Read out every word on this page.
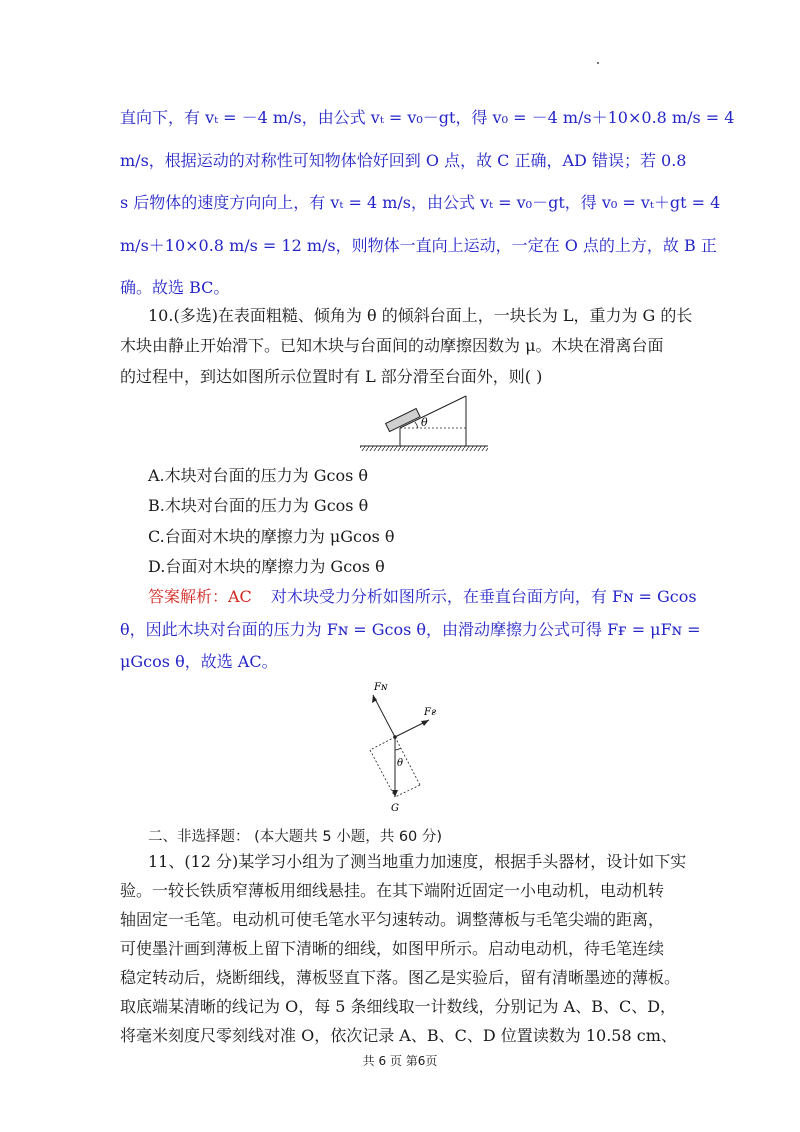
直向下，有 vₜ = －4 m/s，由公式 vₜ = v₀－gt，得 v₀ = －4 m/s＋10×0.8 m/s = 4
m/s，根据运动的对称性可知物体恰好回到 O 点，故 C 正确，AD 错误；若 0.8
s 后物体的速度方向向上，有 vₜ = 4 m/s，由公式 vₜ = v₀－gt，得 v₀ = vₜ＋gt = 4
m/s＋10×0.8 m/s = 12 m/s，则物体一直向上运动，一定在 O 点的上方，故 B 正
确。故选 BC。
10.(多选)在表面粗糙、倾角为 θ 的倾斜台面上，一块长为 L，重力为 G 的长
木块由静止开始滑下。已知木块与台面间的动摩擦因数为 μ。木块在滑离台面
的过程中，到达如图所示位置时有 L 部分滑至台面外，则( )
θ
A.木块对台面的压力为 Gcos θ
B.木块对台面的压力为 Gcos θ
C.台面对木块的摩擦力为 μGcos θ
D.台面对木块的摩擦力为 Gcos θ
答案解析：AC 对木块受力分析如图所示，在垂直台面方向，有 Fɴ = Gcos
θ，因此木块对台面的压力为 Fɴ = Gcos θ，由滑动摩擦力公式可得 Fғ = μFɴ =
μGcos θ，故选 AC。
θ
Fɴ
Fғ
G
二、非选择题： (本大题共 5 小题，共 60 分)
11、(12 分)某学习小组为了测当地重力加速度，根据手头器材，设计如下实
验。一较长铁质窄薄板用细线悬挂。在其下端附近固定一小电动机，电动机转
轴固定一毛笔。电动机可使毛笔水平匀速转动。调整薄板与毛笔尖端的距离，
可使墨汁画到薄板上留下清晰的细线，如图甲所示。启动电动机，待毛笔连续
稳定转动后，烧断细线，薄板竖直下落。图乙是实验后，留有清晰墨迹的薄板。
取底端某清晰的线记为 O，每 5 条细线取一计数线，分别记为 A、B、C、D，
将毫米刻度尺零刻线对准 O，依次记录 A、B、C、D 位置读数为 10.58 cm、
共 6 页 第6页
